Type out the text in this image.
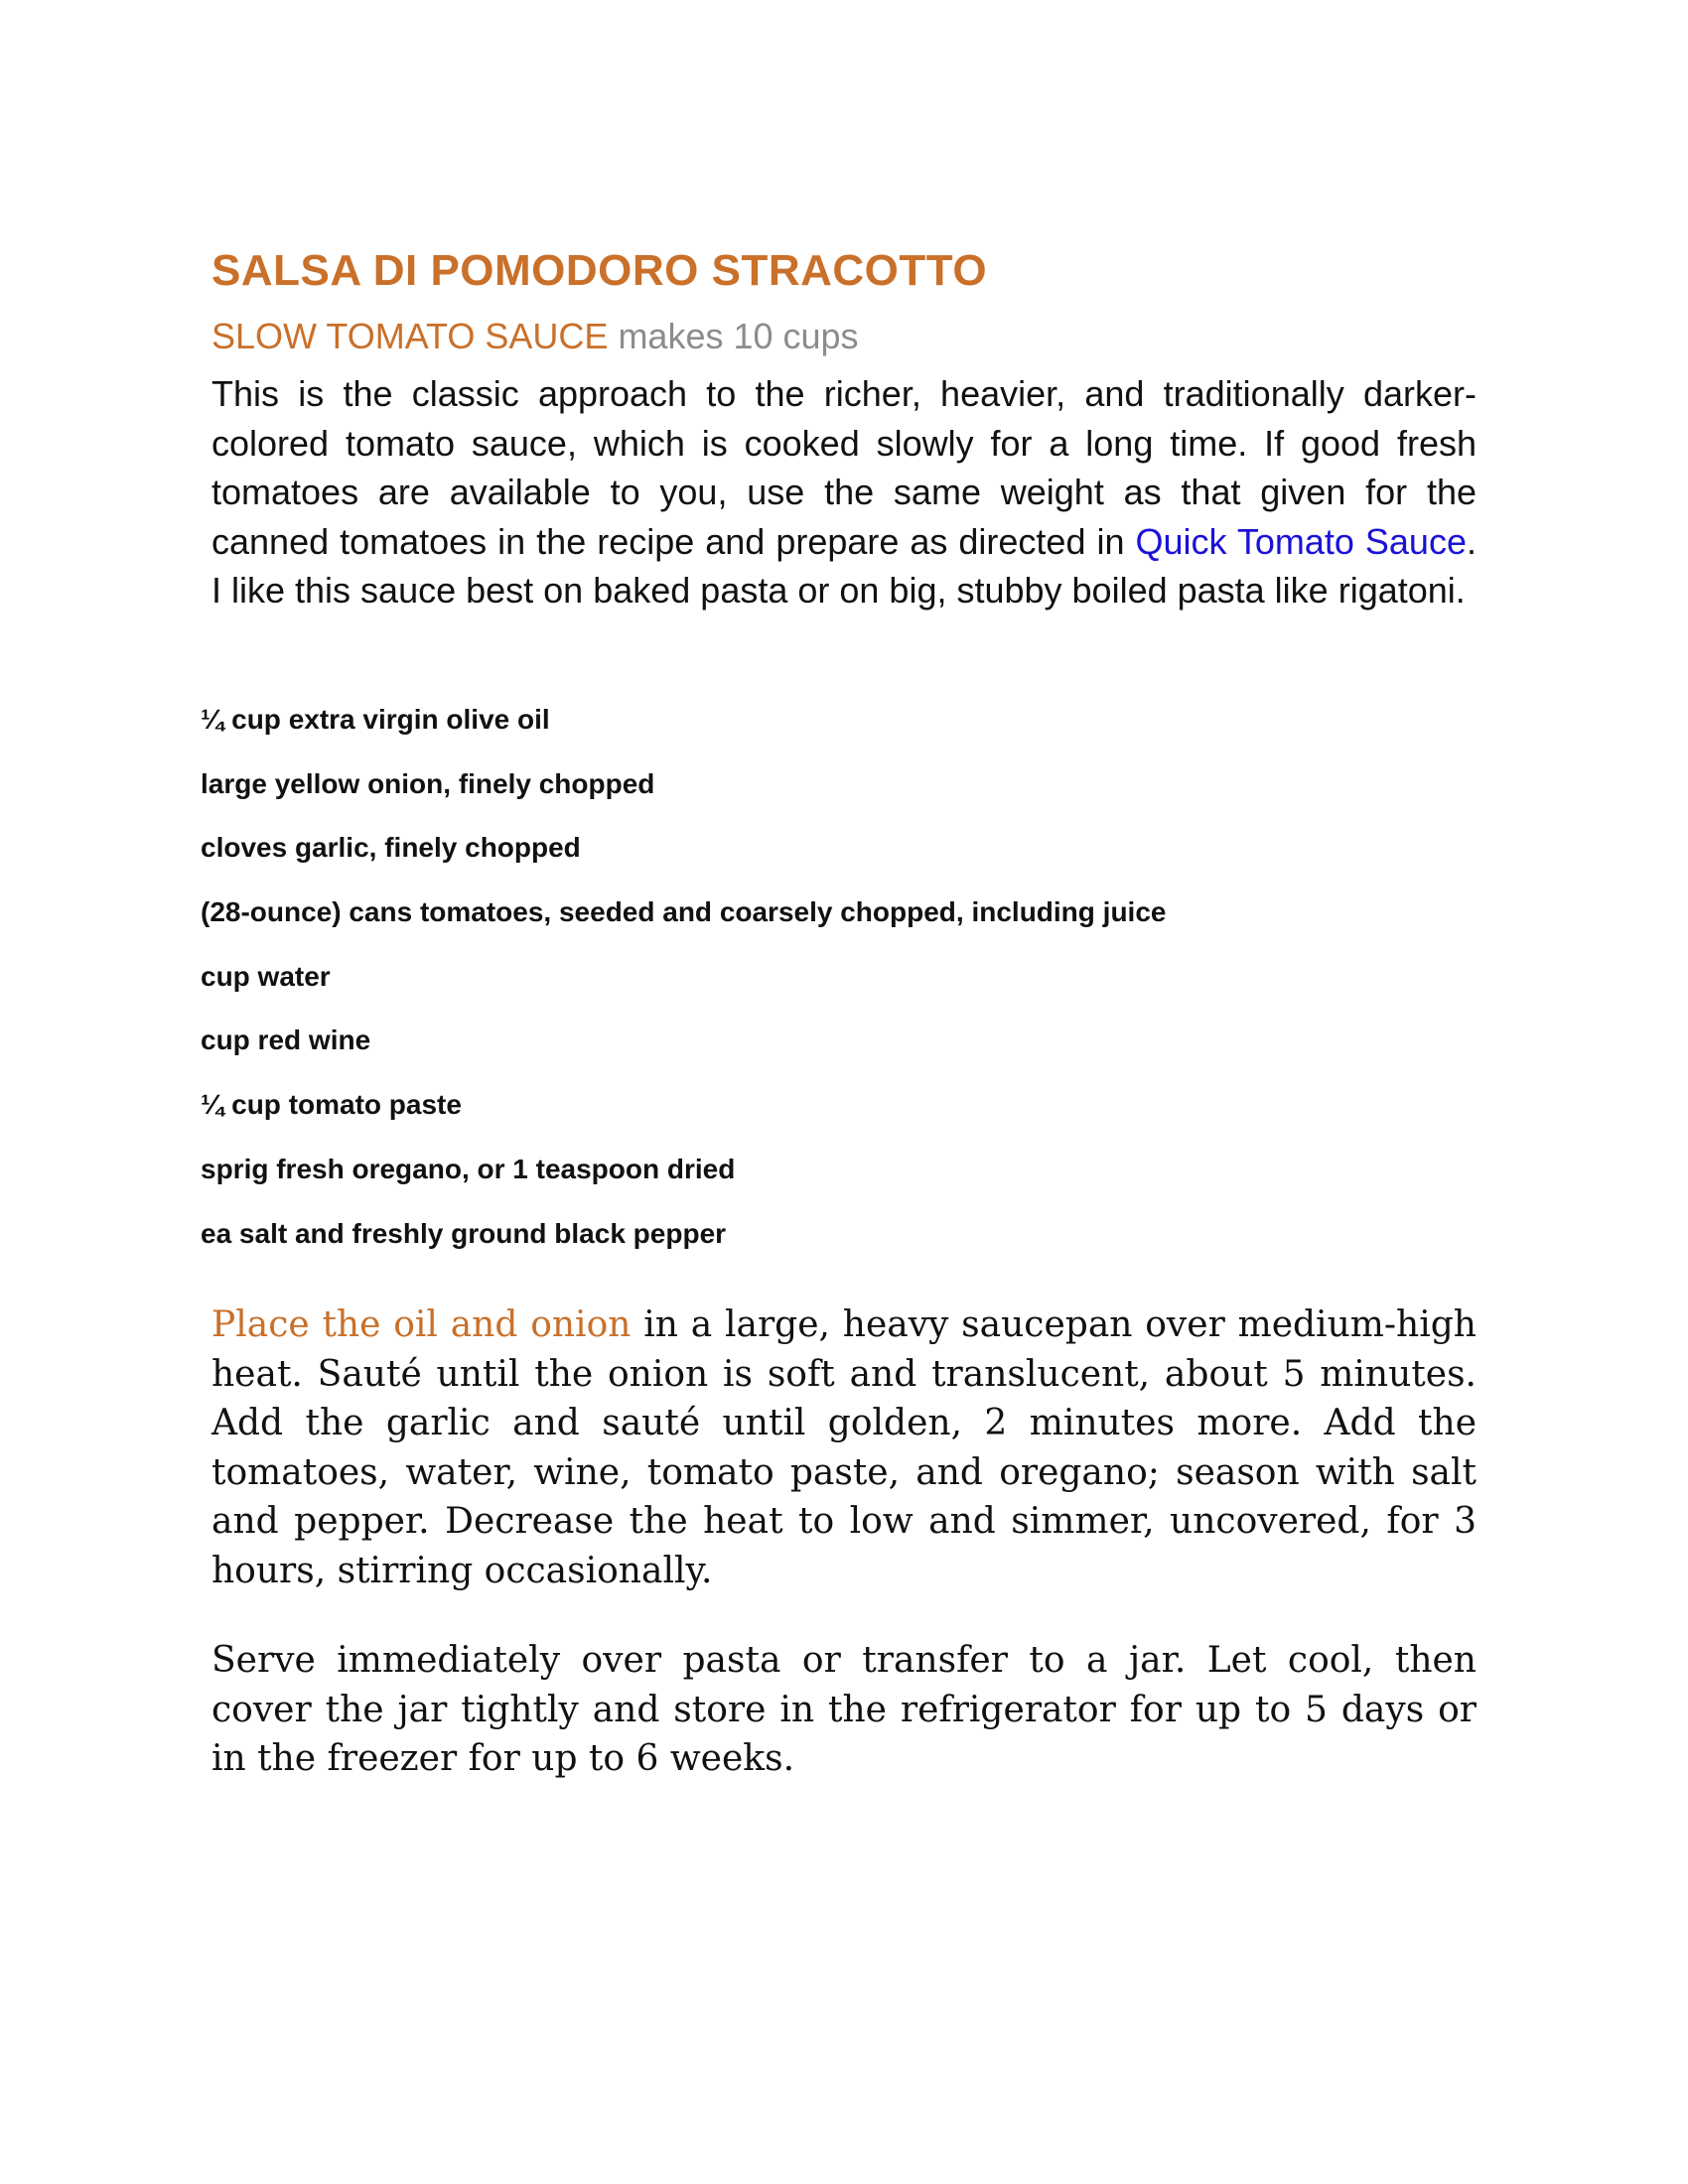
SALSA DI POMODORO STRACOTTO
SLOW TOMATO SAUCE makes 10 cups

This is the classic approach to the richer, heavier, and traditionally darker-colored tomato sauce, which is cooked slowly for a long time. If good fresh tomatoes are available to you, use the same weight as that given for the canned tomatoes in the recipe and prepare as directed in Quick Tomato Sauce. I like this sauce best on baked pasta or on big, stubby boiled pasta like rigatoni.

¼ cup extra virgin olive oil
large yellow onion, finely chopped
cloves garlic, finely chopped
(28-ounce) cans tomatoes, seeded and coarsely chopped, including juice
cup water
cup red wine
¼ cup tomato paste
sprig fresh oregano, or 1 teaspoon dried
ea salt and freshly ground black pepper

Place the oil and onion in a large, heavy saucepan over medium-high heat. Sauté until the onion is soft and translucent, about 5 minutes. Add the garlic and sauté until golden, 2 minutes more. Add the tomatoes, water, wine, tomato paste, and oregano; season with salt and pepper. Decrease the heat to low and simmer, uncovered, for 3 hours, stirring occasionally.

Serve immediately over pasta or transfer to a jar. Let cool, then cover the jar tightly and store in the refrigerator for up to 5 days or in the freezer for up to 6 weeks.
